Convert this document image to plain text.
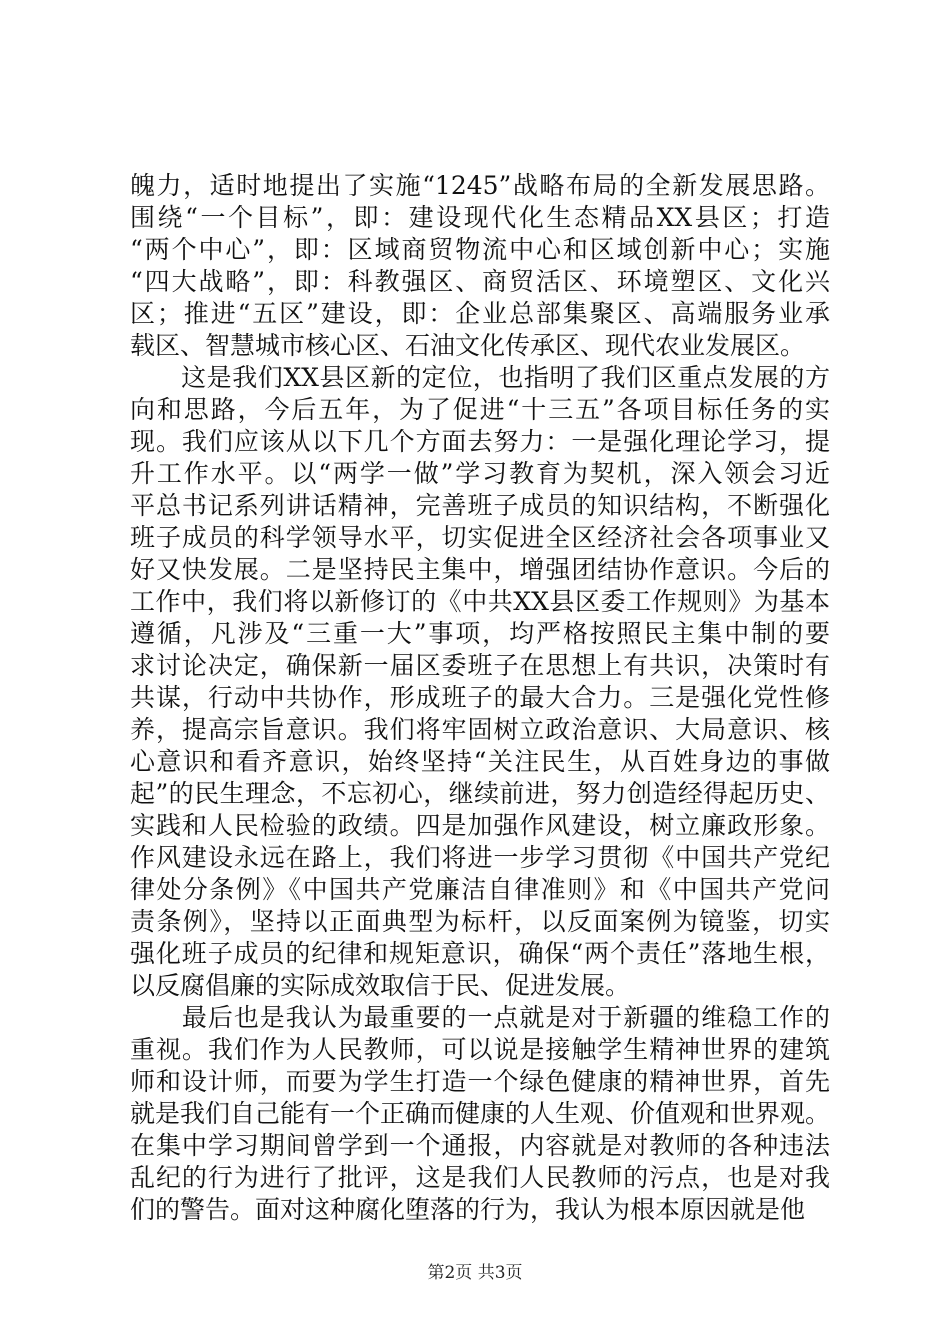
魄力，适时地提出了实施“1245”战略布局的全新发展思路。
围绕“一个目标”，即：建设现代化生态精品XX县区；打造
“两个中心”，即：区域商贸物流中心和区域创新中心；实施
“四大战略”，即：科教强区、商贸活区、环境塑区、文化兴
区；推进“五区”建设，即：企业总部集聚区、高端服务业承
载区、智慧城市核心区、石油文化传承区、现代农业发展区。
　　这是我们XX县区新的定位，也指明了我们区重点发展的方
向和思路，今后五年，为了促进“十三五”各项目标任务的实
现。我们应该从以下几个方面去努力：一是强化理论学习，提
升工作水平。以“两学一做”学习教育为契机，深入领会习近
平总书记系列讲话精神，完善班子成员的知识结构，不断强化
班子成员的科学领导水平，切实促进全区经济社会各项事业又
好又快发展。二是坚持民主集中，增强团结协作意识。今后的
工作中，我们将以新修订的《中共XX县区委工作规则》为基本
遵循，凡涉及“三重一大”事项，均严格按照民主集中制的要
求讨论决定，确保新一届区委班子在思想上有共识，决策时有
共谋，行动中共协作，形成班子的最大合力。三是强化党性修
养，提高宗旨意识。我们将牢固树立政治意识、大局意识、核
心意识和看齐意识，始终坚持“关注民生，从百姓身边的事做
起”的民生理念，不忘初心，继续前进，努力创造经得起历史、
实践和人民检验的政绩。四是加强作风建设，树立廉政形象。
作风建设永远在路上，我们将进一步学习贯彻《中国共产党纪
律处分条例》《中国共产党廉洁自律准则》和《中国共产党问
责条例》，坚持以正面典型为标杆，以反面案例为镜鉴，切实
强化班子成员的纪律和规矩意识，确保“两个责任”落地生根，
以反腐倡廉的实际成效取信于民、促进发展。
　　最后也是我认为最重要的一点就是对于新疆的维稳工作的
重视。我们作为人民教师，可以说是接触学生精神世界的建筑
师和设计师，而要为学生打造一个绿色健康的精神世界，首先
就是我们自己能有一个正确而健康的人生观、价值观和世界观。
在集中学习期间曾学到一个通报，内容就是对教师的各种违法
乱纪的行为进行了批评，这是我们人民教师的污点，也是对我
们的警告。面对这种腐化堕落的行为，我认为根本原因就是他
第2页 共3页
